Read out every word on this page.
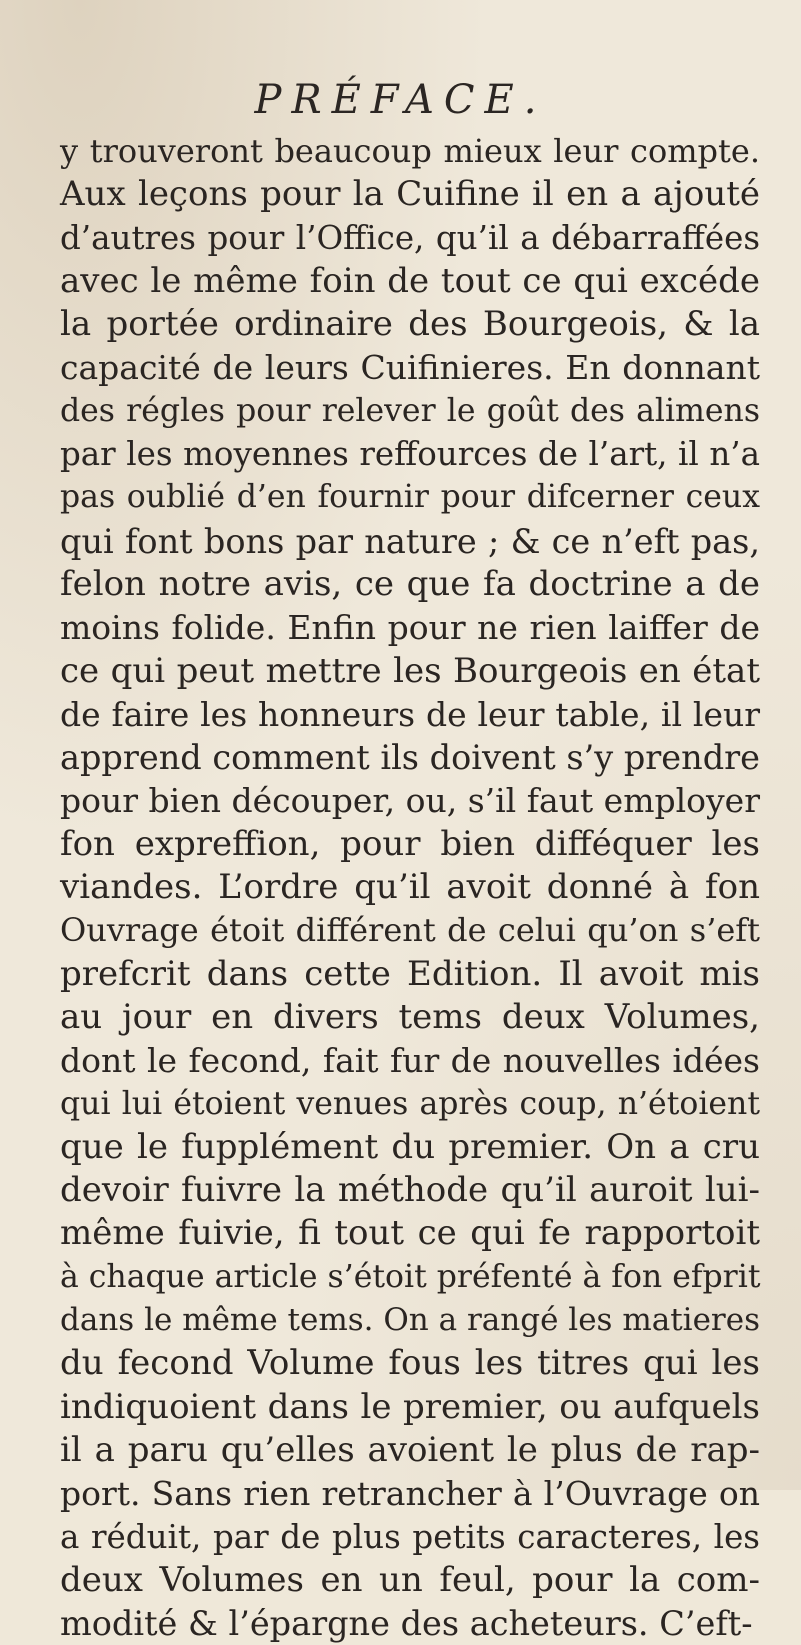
PRÉFACE.
y trouveront beaucoup mieux leur compte.
Aux leçons pour la Cuifine il en a ajouté
d’autres pour l’Office, qu’il a débarraffées
avec le même foin de tout ce qui excéde
la portée ordinaire des Bourgeois, & la
capacité de leurs Cuifinieres. En donnant
des régles pour relever le goût des alimens
par les moyennes reffources de l’art, il n’a
pas oublié d’en fournir pour difcerner ceux
qui font bons par nature ; & ce n’eft pas,
felon notre avis, ce que fa doctrine a de
moins folide. Enfin pour ne rien laiffer de
ce qui peut mettre les Bourgeois en état
de faire les honneurs de leur table, il leur
apprend comment ils doivent s’y prendre
pour bien découper, ou, s’il faut employer
fon expreffion, pour bien difféquer les
viandes. L’ordre qu’il avoit donné à fon
Ouvrage étoit différent de celui qu’on s’eft
prefcrit dans cette Edition. Il avoit mis
au jour en divers tems deux Volumes,
dont le fecond, fait fur de nouvelles idées
qui lui étoient venues après coup, n’étoient
que le fupplément du premier. On a cru
devoir fuivre la méthode qu’il auroit lui-
même fuivie, fi tout ce qui fe rapportoit
à chaque article s’étoit préfenté à fon efprit
dans le même tems. On a rangé les matieres
du fecond Volume fous les titres qui les
indiquoient dans le premier, ou aufquels
il a paru qu’elles avoient le plus de rap-
port. Sans rien retrancher à l’Ouvrage on
a réduit, par de plus petits caracteres, les
deux Volumes en un feul, pour la com-
modité & l’épargne des acheteurs. C’eft-
